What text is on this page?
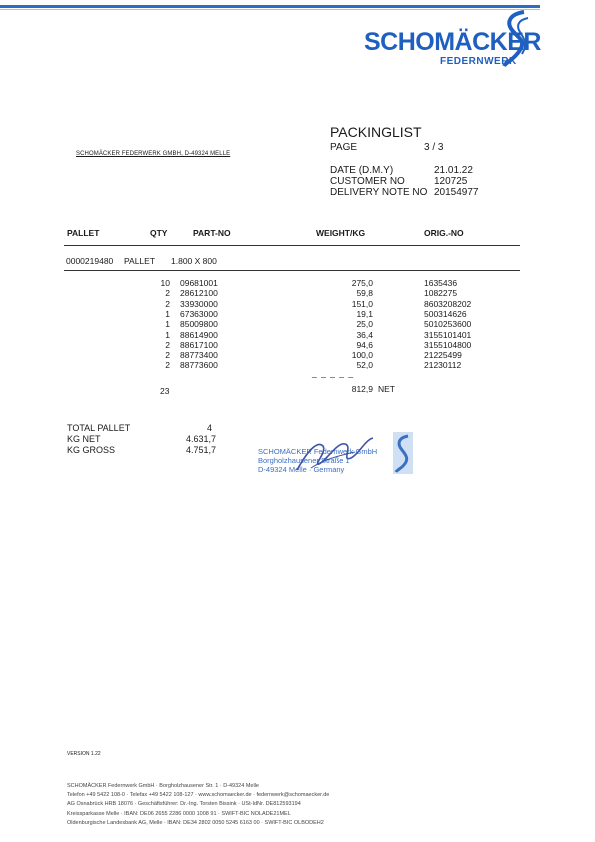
SCHOMÄCKER
FEDERNWERK
SCHOMÄCKER FEDERWERK GMBH, D-49324 MELLE
PACKINGLIST
PAGE	3 / 3
DATE (D.M.Y)	21.01.22
CUSTOMER NO	120725
DELIVERY NOTE NO 20154977
PALLET	QTY	PART-NO	WEIGHT/KG	ORIG.-NO
0000219480 PALLET 1.800 X 800
10 09681001	275,0	1635436
2 28612100	59,8	1082275
2 33930000	151,0	8603208202
1 67363000	19,1	500314626
1 85009800	25,0	5010253600
1 88614900	36,4	3155101401
2 88617100	94,6	3155104800
2 88773400	100,0	21225499
2 88773600	52,0	21230112
_ _ _ _ _
23	812,9 NET
TOTAL PALLET	4
KG NET	4.631,7
KG GROSS	4.751,7	SCHOMÄCKER Federnwerk GmbH
Borgholzhausener Straße 1
D-49324 Melle · Germany
VERSION 1.22
SCHOMÄCKER Federnwerk GmbH · Borgholzhausener Str. 1 · D-49324 Melle
Telefon +49 5422 108-0 · Telefax +49 5422 108-127 · www.schomaecker.de · federnwerk@schomaecker.de
AG Osnabrück HRB 18076 · Geschäftsführer: Dr.-Ing. Torsten Bissink · USt-IdNr. DE812593194
Kreissparkasse Melle · IBAN: DE06 2655 2286 0000 1008 91 · SWIFT-BIC NOLADE21MEL
Oldenburgische Landesbank AG, Melle · IBAN: DE34 2802 0050 5245 6163 00 · SWIFT-BIC OLBODEH2
